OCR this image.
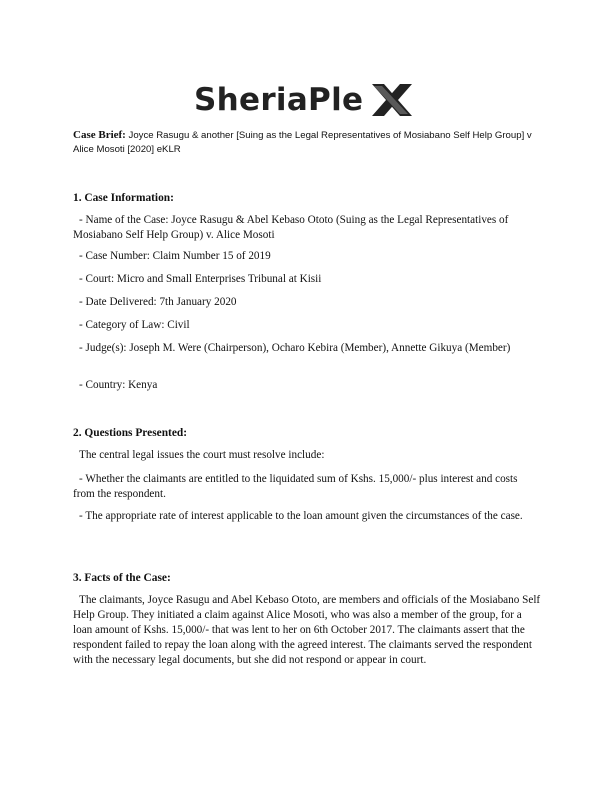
SheriaPle
Case Brief: Joyce Rasugu & another [Suing as the Legal Representatives of Mosiabano Self Help Group] v Alice Mosoti [2020] eKLR
1. Case Information:
- Name of the Case: Joyce Rasugu & Abel Kebaso Ototo (Suing as the Legal Representatives of Mosiabano Self Help Group) v. Alice Mosoti
- Case Number: Claim Number 15 of 2019
- Court: Micro and Small Enterprises Tribunal at Kisii
- Date Delivered: 7th January 2020
- Category of Law: Civil
- Judge(s): Joseph M. Were (Chairperson), Ocharo Kebira (Member), Annette Gikuya (Member)
- Country: Kenya
2. Questions Presented:
The central legal issues the court must resolve include:
- Whether the claimants are entitled to the liquidated sum of Kshs. 15,000/- plus interest and costs from the respondent.
- The appropriate rate of interest applicable to the loan amount given the circumstances of the case.
3. Facts of the Case:
The claimants, Joyce Rasugu and Abel Kebaso Ototo, are members and officials of the Mosiabano Self Help Group. They initiated a claim against Alice Mosoti, who was also a member of the group, for a loan amount of Kshs. 15,000/- that was lent to her on 6th October 2017. The claimants assert that the respondent failed to repay the loan along with the agreed interest. The claimants served the respondent with the necessary legal documents, but she did not respond or appear in court.
